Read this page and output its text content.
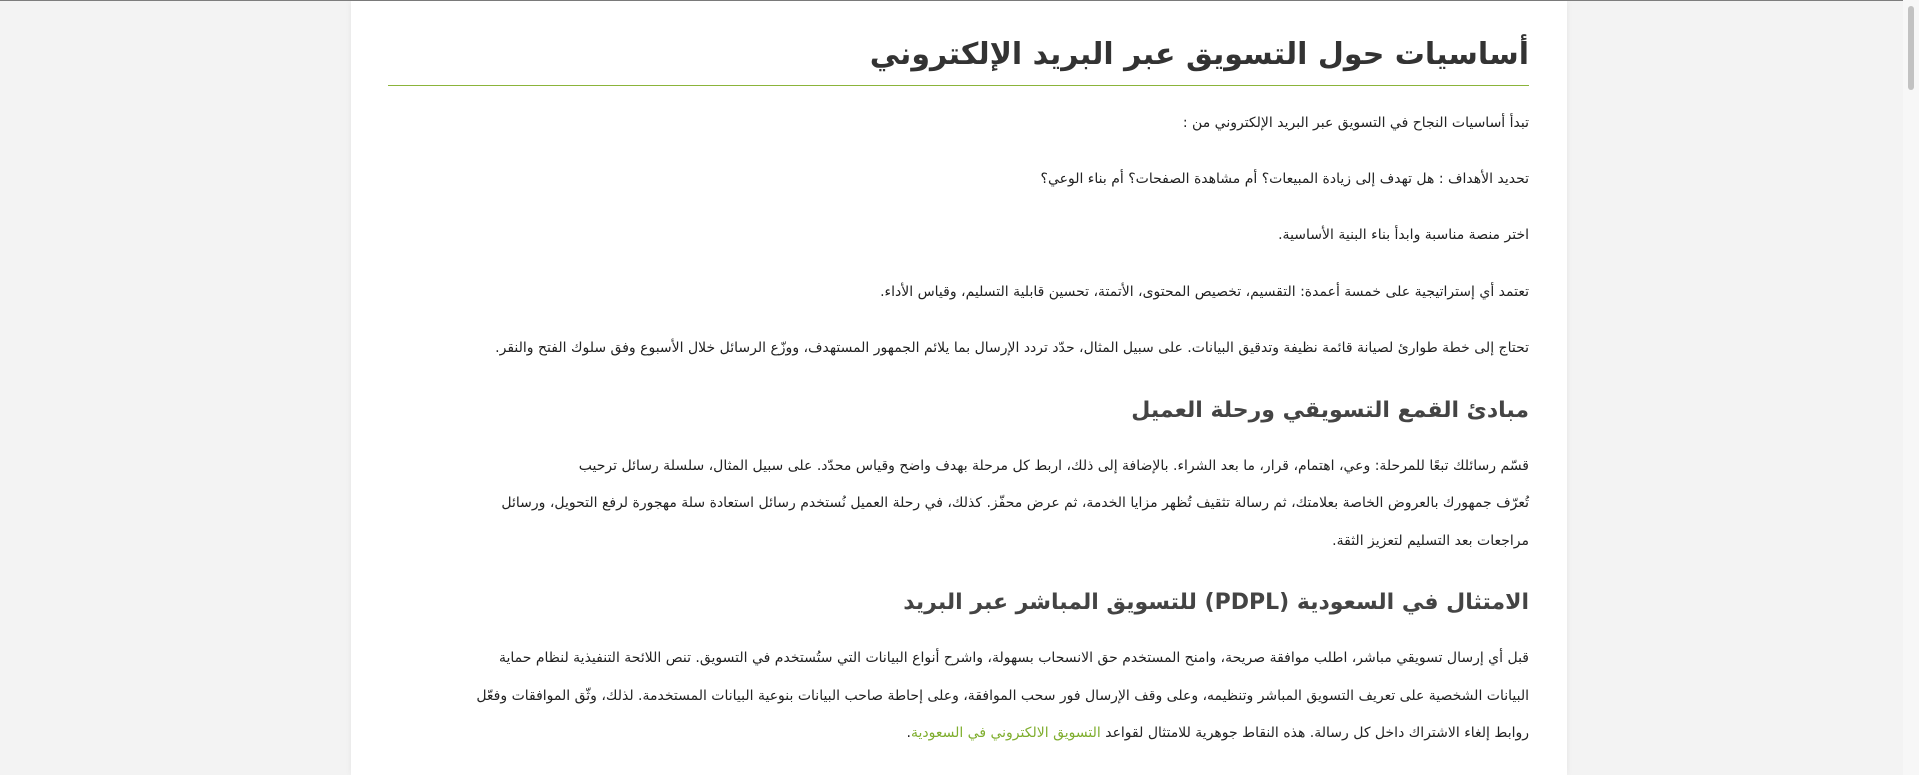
أساسيات حول التسويق عبر البريد الإلكتروني

تبدأ أساسيات النجاح في التسويق عبر البريد الإلكتروني من :

تحديد الأهداف : هل تهدف إلى زيادة المبيعات؟ أم مشاهدة الصفحات؟ أم بناء الوعي؟

اختر منصة مناسبة وابدأ بناء البنية الأساسية.

تعتمد أي إستراتيجية على خمسة أعمدة: التقسيم، تخصيص المحتوى، الأتمتة، تحسين قابلية التسليم، وقياس الأداء.

تحتاج إلى خطة طوارئ لصيانة قائمة نظيفة وتدقيق البيانات. على سبيل المثال، حدّد تردد الإرسال بما يلائم الجمهور المستهدف، ووزّع الرسائل خلال الأسبوع وفق سلوك الفتح والنقر.

مبادئ القمع التسويقي ورحلة العميل

قسّم رسائلك تبعًا للمرحلة: وعي، اهتمام، قرار، ما بعد الشراء. بالإضافة إلى ذلك، اربط كل مرحلة بهدف واضح وقياس محدّد. على سبيل المثال، سلسلة رسائل ترحيب

تُعرّف جمهورك بالعروض الخاصة بعلامتك، ثم رسالة تثقيف تُظهر مزايا الخدمة، ثم عرض محفّز. كذلك، في رحلة العميل نُستخدم رسائل استعادة سلة مهجورة لرفع التحويل، ورسائل

مراجعات بعد التسليم لتعزيز الثقة.

الامتثال في السعودية (PDPL) للتسويق المباشر عبر البريد

قبل أي إرسال تسويقي مباشر، اطلب موافقة صريحة، وامنح المستخدم حق الانسحاب بسهولة، واشرح أنواع البيانات التي ستُستخدم في التسويق. تنص اللائحة التنفيذية لنظام حماية

البيانات الشخصية على تعريف التسويق المباشر وتنظيمه، وعلى وقف الإرسال فور سحب الموافقة، وعلى إحاطة صاحب البيانات بنوعية البيانات المستخدمة. لذلك، وثّق الموافقات وفعّل

روابط إلغاء الاشتراك داخل كل رسالة. هذه النقاط جوهرية للامتثال لقواعد التسويق الالكتروني في السعودية.
